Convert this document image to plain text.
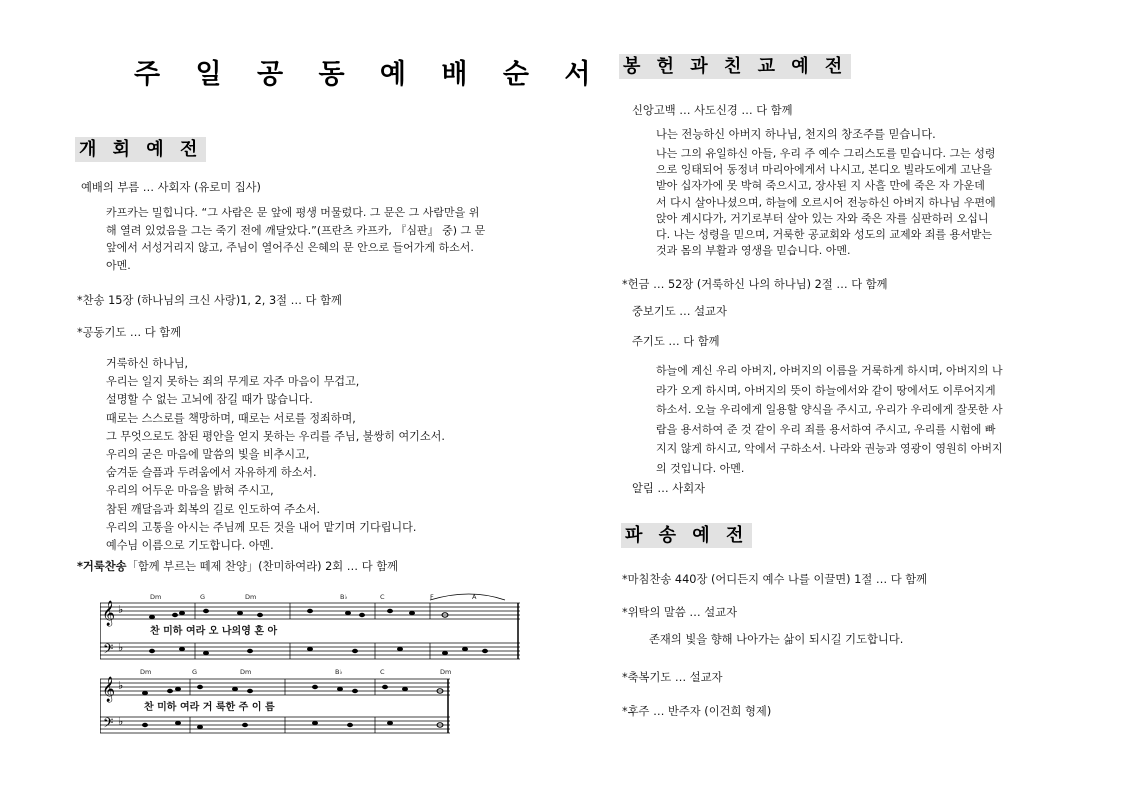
주 일 공 동 예 배 순 서
개 회 예 전
예배의 부름 … 사회자 (유로미 집사)
카프카는 밀힙니다. “그 사람은 문 앞에 평생 머물렀다. 그 문은 그 사람만을 위
해 열려 있었음을 그는 죽기 전에 깨달았다.”(프란츠 카프카, 『심판』 중) 그 문
앞에서 서성거리지 않고, 주님이 열어주신 은혜의 문 안으로 들어가게 하소서.
아멘.
*찬송 15장 (하나님의 크신 사랑)1, 2, 3절 … 다 함께
*공동기도 … 다 함께
거룩하신 하나님,
우리는 일지 못하는 죄의 무게로 자주 마음이 무겁고,
설명할 수 없는 고뇌에 잠길 때가 많습니다.
때로는 스스로를 책망하며, 때로는 서로를 정죄하며,
그 무엇으로도 참된 평안을 얻지 못하는 우리를 주님, 불쌍히 여기소서.
우리의 굳은 마음에 말씀의 빛을 비추시고,
숨겨둔 슬픔과 두려움에서 자유하게 하소서.
우리의 어두운 마음을 밝혀 주시고,
참된 깨달음과 회복의 길로 인도하여 주소서.
우리의 고통을 아시는 주님께 모든 것을 내어 맡기며 기다립니다.
예수님 이름으로 기도합니다. 아멘.
*거룩찬송「함께 부르는 떼제 찬양」(찬미하여라) 2회 … 다 함께
Dm	G	Dm	B♭	C	F	A
𝄞 ♭
찬 미하 여라 오 나의영 혼 아
𝄢 ♭
Dm	G	Dm	B♭	C	Dm
𝄞 ♭
찬 미하 여라 거 룩한 주 이 름
𝄢 ♭
봉 헌 과 친 교 예 전
신앙고백 … 사도신경 … 다 함께
나는 전능하신 아버지 하나님, 천지의 창조주를 믿습니다.
나는 그의 유일하신 아들, 우리 주 예수 그리스도를 믿습니다. 그는 성령
으로 잉태되어 동정녀 마리아에게서 나시고, 본디오 빌라도에게 고난을
받아 십자가에 못 박혀 죽으시고, 장사된 지 사흘 만에 죽은 자 가운데
서 다시 살아나셨으며, 하늘에 오르시어 전능하신 아버지 하나님 우편에
앉아 계시다가, 거기로부터 살아 있는 자와 죽은 자를 심판하러 오십니
다. 나는 성령을 믿으며, 거룩한 공교회와 성도의 교제와 죄를 용서받는
것과 몸의 부활과 영생을 믿습니다. 아멘.
*헌금 … 52장 (거룩하신 나의 하나님) 2절 … 다 함께
중보기도 … 설교자
주기도 … 다 함께
하늘에 계신 우리 아버지, 아버지의 이름을 거룩하게 하시며, 아버지의 나
라가 오게 하시며, 아버지의 뜻이 하늘에서와 같이 땅에서도 이루어지게
하소서. 오늘 우리에게 일용할 양식을 주시고, 우리가 우리에게 잘못한 사
람을 용서하여 준 것 같이 우리 죄를 용서하여 주시고, 우리를 시험에 빠
지지 않게 하시고, 악에서 구하소서. 나라와 권능과 영광이 영원히 아버지
의 것입니다. 아멘.
알림 … 사회자
파 송 예 전
*마침찬송 440장 (어디든지 예수 나를 이끌면) 1절 … 다 함께
*위탁의 말씀 … 설교자
존재의 빛을 향해 나아가는 삶이 되시길 기도합니다.
*축복기도 … 설교자
*후주 … 반주자 (이건희 형제)
